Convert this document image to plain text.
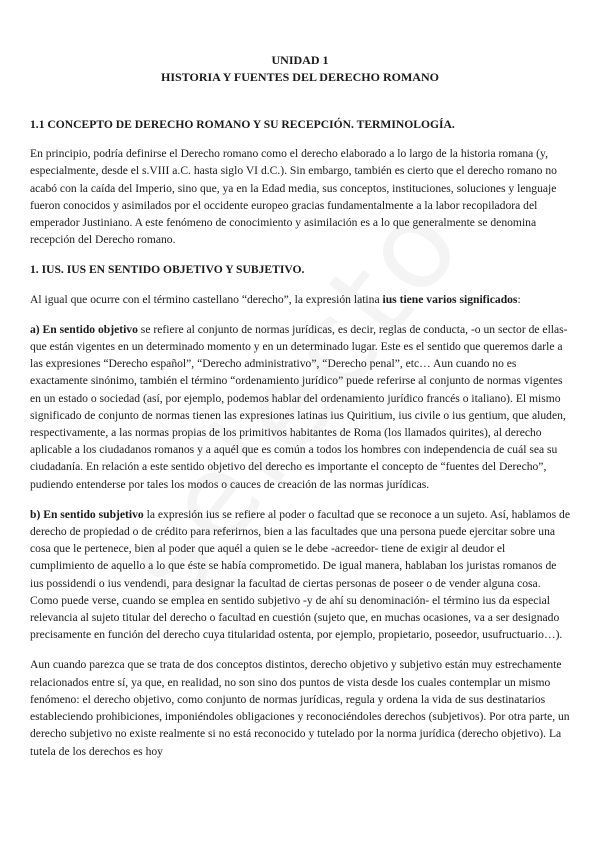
UNIDAD 1
HISTORIA Y FUENTES DEL DERECHO ROMANO

1.1 CONCEPTO DE DERECHO ROMANO Y SU RECEPCIÓN. TERMINOLOGÍA.

En principio, podría definirse el Derecho romano como el derecho elaborado a lo largo de la historia romana (y, especialmente, desde el s.VIII a.C. hasta siglo VI d.C.). Sin embargo, también es cierto que el derecho romano no acabó con la caída del Imperio, sino que, ya en la Edad media, sus conceptos, instituciones, soluciones y lenguaje fueron conocidos y asimilados por el occidente europeo gracias fundamentalmente a la labor recopiladora del emperador Justiniano. A este fenómeno de conocimiento y asimilación es a lo que generalmente se denomina recepción del Derecho romano.

1. IUS. IUS EN SENTIDO OBJETIVO Y SUBJETIVO.

Al igual que ocurre con el término castellano “derecho”, la expresión latina ius tiene varios significados:

a) En sentido objetivo se refiere al conjunto de normas jurídicas, es decir, reglas de conducta, -o un sector de ellas- que están vigentes en un determinado momento y en un determinado lugar. Este es el sentido que queremos darle a las expresiones “Derecho español”, “Derecho administrativo”, “Derecho penal”, etc… Aun cuando no es exactamente sinónimo, también el término “ordenamiento jurídico” puede referirse al conjunto de normas vigentes en un estado o sociedad (así, por ejemplo, podemos hablar del ordenamiento jurídico francés o italiano). El mismo significado de conjunto de normas tienen las expresiones latinas ius Quiritium, ius civile o ius gentium, que aluden, respectivamente, a las normas propias de los primitivos habitantes de Roma (los llamados quirites), al derecho aplicable a los ciudadanos romanos y a aquél que es común a todos los hombres con independencia de cuál sea su ciudadanía. En relación a este sentido objetivo del derecho es importante el concepto de “fuentes del Derecho”, pudiendo entenderse por tales los modos o cauces de creación de las normas jurídicas.

b) En sentido subjetivo la expresión ius se refiere al poder o facultad que se reconoce a un sujeto. Así, hablamos de derecho de propiedad o de crédito para referirnos, bien a las facultades que una persona puede ejercitar sobre una cosa que le pertenece, bien al poder que aquél a quien se le debe -acreedor- tiene de exigir al deudor el cumplimiento de aquello a lo que éste se había comprometido. De igual manera, hablaban los juristas romanos de ius possidendi o ius vendendi, para designar la facultad de ciertas personas de poseer o de vender alguna cosa. Como puede verse, cuando se emplea en sentido subjetivo -y de ahí su denominación- el término ius da especial relevancia al sujeto titular del derecho o facultad en cuestión (sujeto que, en muchas ocasiones, va a ser designado precisamente en función del derecho cuya titularidad ostenta, por ejemplo, propietario, poseedor, usufructuario…).

Aun cuando parezca que se trata de dos conceptos distintos, derecho objetivo y subjetivo están muy estrechamente relacionados entre sí, ya que, en realidad, no son sino dos puntos de vista desde los cuales contemplar un mismo fenómeno: el derecho objetivo, como conjunto de normas jurídicas, regula y ordena la vida de sus destinatarios estableciendo prohibiciones, imponiéndoles obligaciones y reconociéndoles derechos (subjetivos). Por otra parte, un derecho subjetivo no existe realmente si no está reconocido y tutelado por la norma jurídica (derecho objetivo). La tutela de los derechos es hoy
